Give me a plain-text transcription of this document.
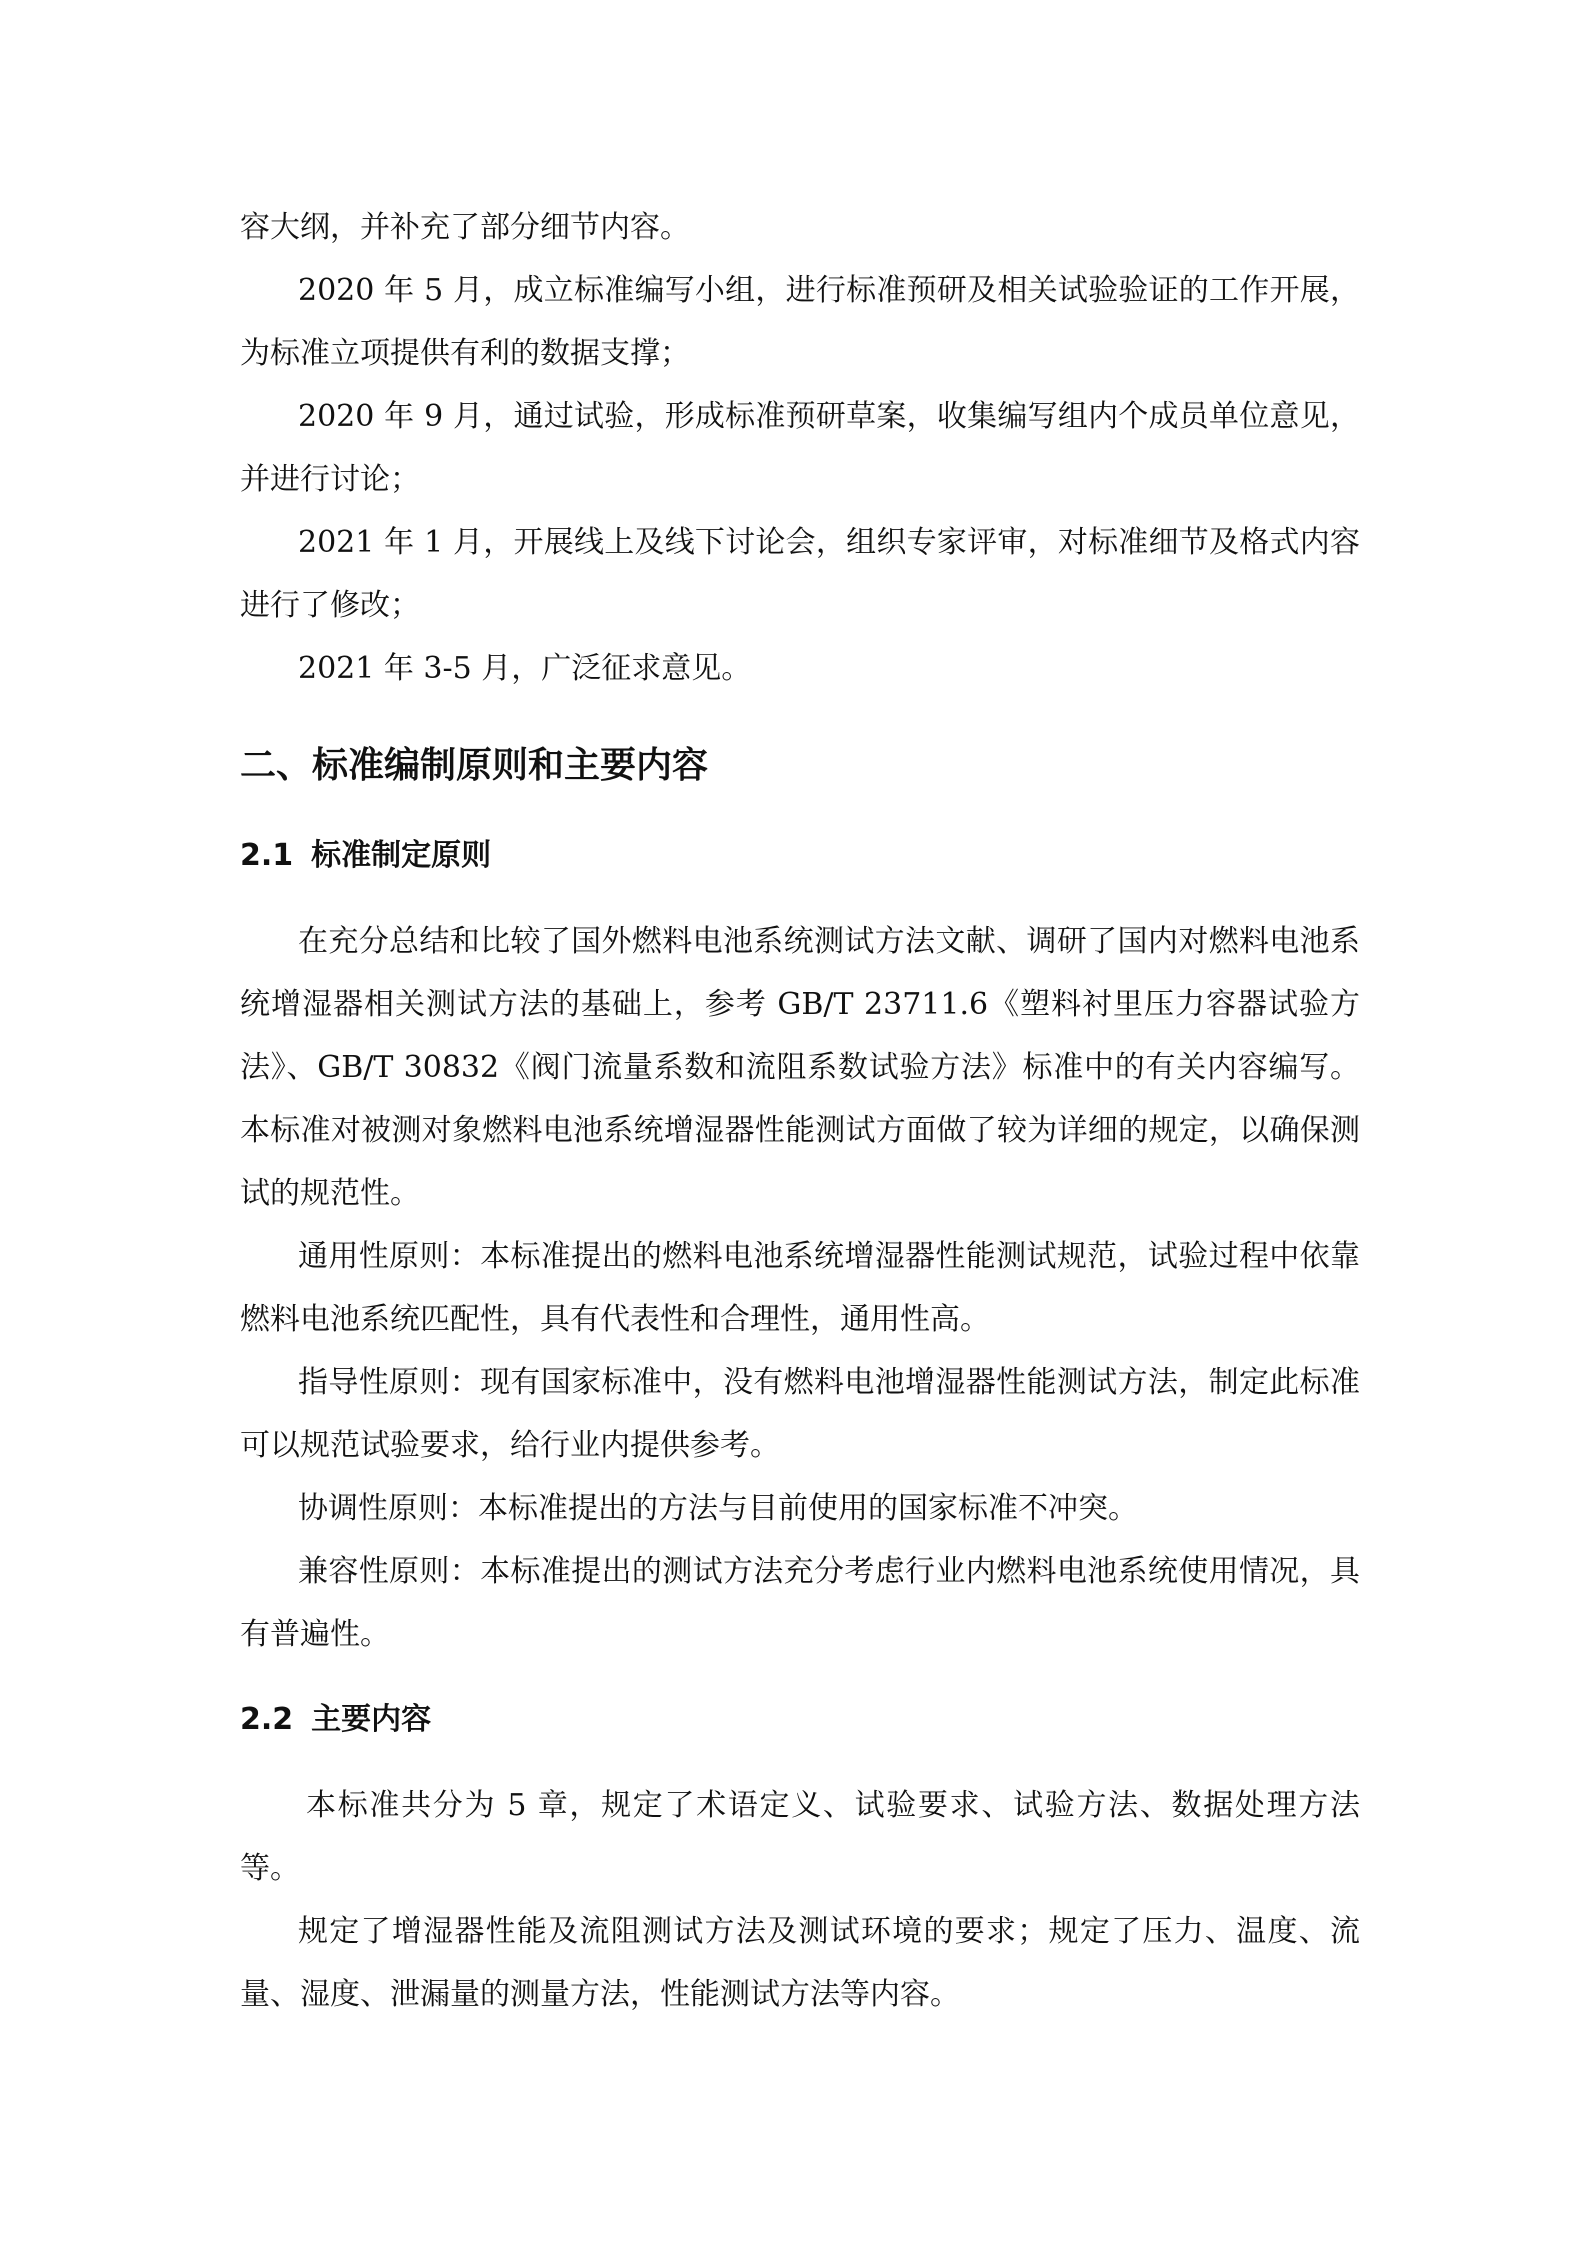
容大纲，并补充了部分细节内容。

2020 年 5 月，成立标准编写小组，进行标准预研及相关试验验证的工作开展，为标准立项提供有利的数据支撑；

2020 年 9 月，通过试验，形成标准预研草案，收集编写组内个成员单位意见，并进行讨论；

2021 年 1 月，开展线上及线下讨论会，组织专家评审，对标准细节及格式内容进行了修改；

2021 年 3-5 月，广泛征求意见。

二、标准编制原则和主要内容
2.1 标准制定原则

在充分总结和比较了国外燃料电池系统测试方法文献、调研了国内对燃料电池系统增湿器相关测试方法的基础上，参考 GB/T 23711.6《塑料衬里压力容器试验方法》、GB/T 30832《阀门流量系数和流阻系数试验方法》标准中的有关内容编写。本标准对被测对象燃料电池系统增湿器性能测试方面做了较为详细的规定，以确保测试的规范性。

通用性原则：本标准提出的燃料电池系统增湿器性能测试规范，试验过程中依靠燃料电池系统匹配性，具有代表性和合理性，通用性高。

指导性原则：现有国家标准中，没有燃料电池增湿器性能测试方法，制定此标准可以规范试验要求，给行业内提供参考。

协调性原则：本标准提出的方法与目前使用的国家标准不冲突。

兼容性原则：本标准提出的测试方法充分考虑行业内燃料电池系统使用情况，具有普遍性。

2.2 主要内容

本标准共分为 5 章，规定了术语定义、试验要求、试验方法、数据处理方法等。

规定了增湿器性能及流阻测试方法及测试环境的要求；规定了压力、温度、流量、湿度、泄漏量的测量方法，性能测试方法等内容。
